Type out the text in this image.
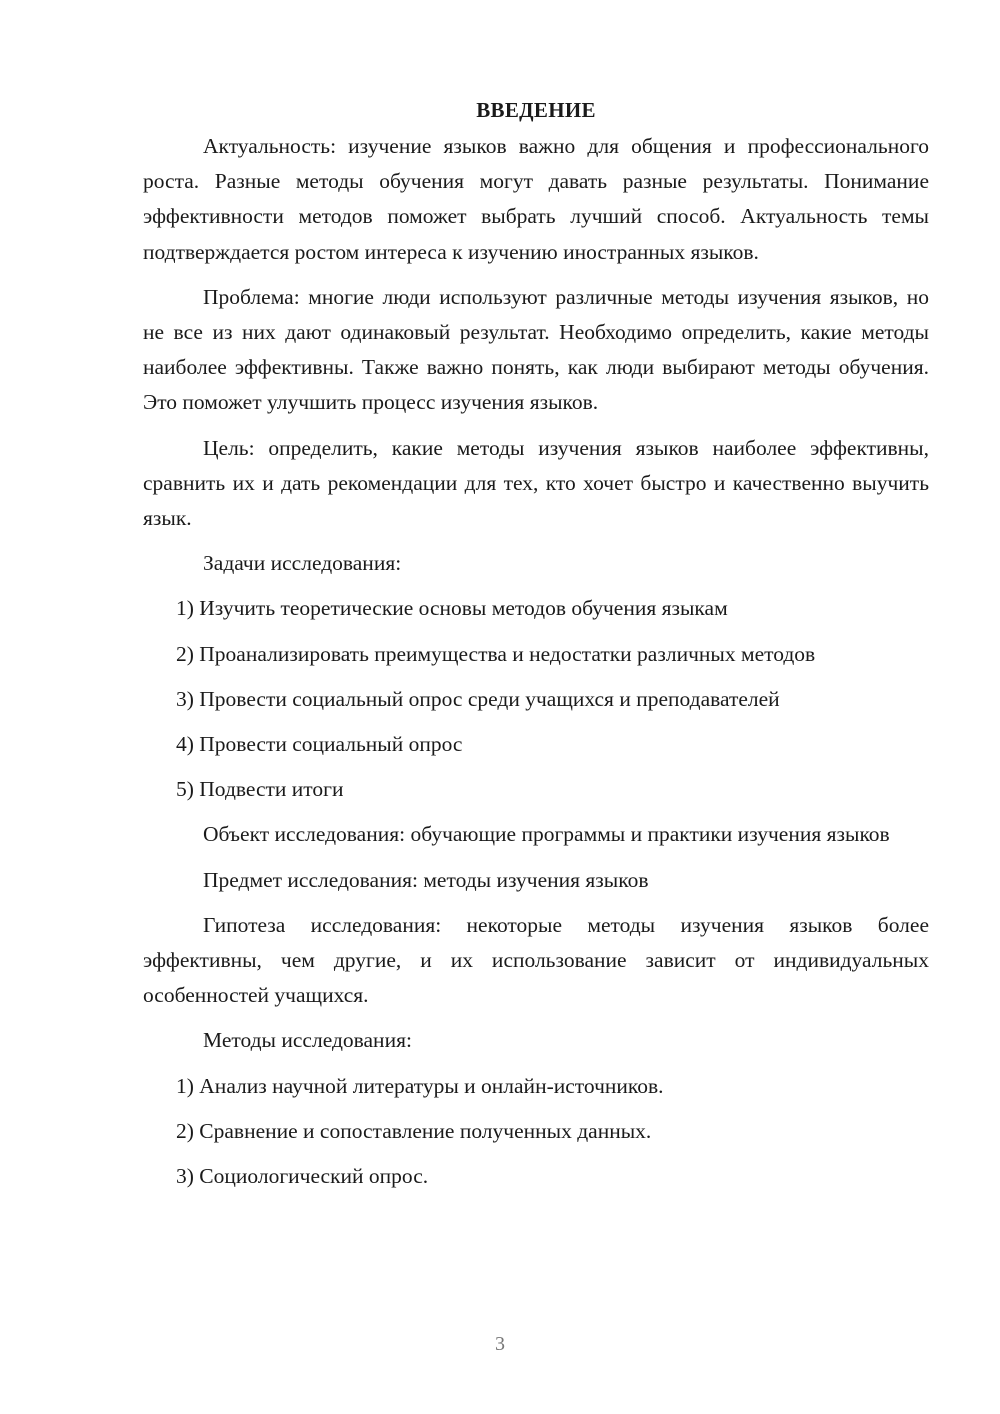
ВВЕДЕНИЕ

Актуальность: изучение языков важно для общения и профессионального роста. Разные методы обучения могут давать разные результаты. Понимание эффективности методов поможет выбрать лучший способ. Актуальность темы подтверждается ростом интереса к изучению иностранных языков.

Проблема: многие люди используют различные методы изучения языков, но не все из них дают одинаковый результат. Необходимо определить, какие методы наиболее эффективны. Также важно понять, как люди выбирают методы обучения. Это поможет улучшить процесс изучения языков.

Цель: определить, какие методы изучения языков наиболее эффективны, сравнить их и дать рекомендации для тех, кто хочет быстро и качественно выучить язык.

Задачи исследования:
1) Изучить теоретические основы методов обучения языкам
2) Проанализировать преимущества и недостатки различных методов
3) Провести социальный опрос среди учащихся и преподавателей
4) Провести социальный опрос
5) Подвести итоги

Объект исследования: обучающие программы и практики изучения языков

Предмет исследования: методы изучения языков

Гипотеза исследования: некоторые методы изучения языков более эффективны, чем другие, и их использование зависит от индивидуальных особенностей учащихся.

Методы исследования:
1) Анализ научной литературы и онлайн-источников.
2) Сравнение и сопоставление полученных данных.
3) Социологический опрос.
3
